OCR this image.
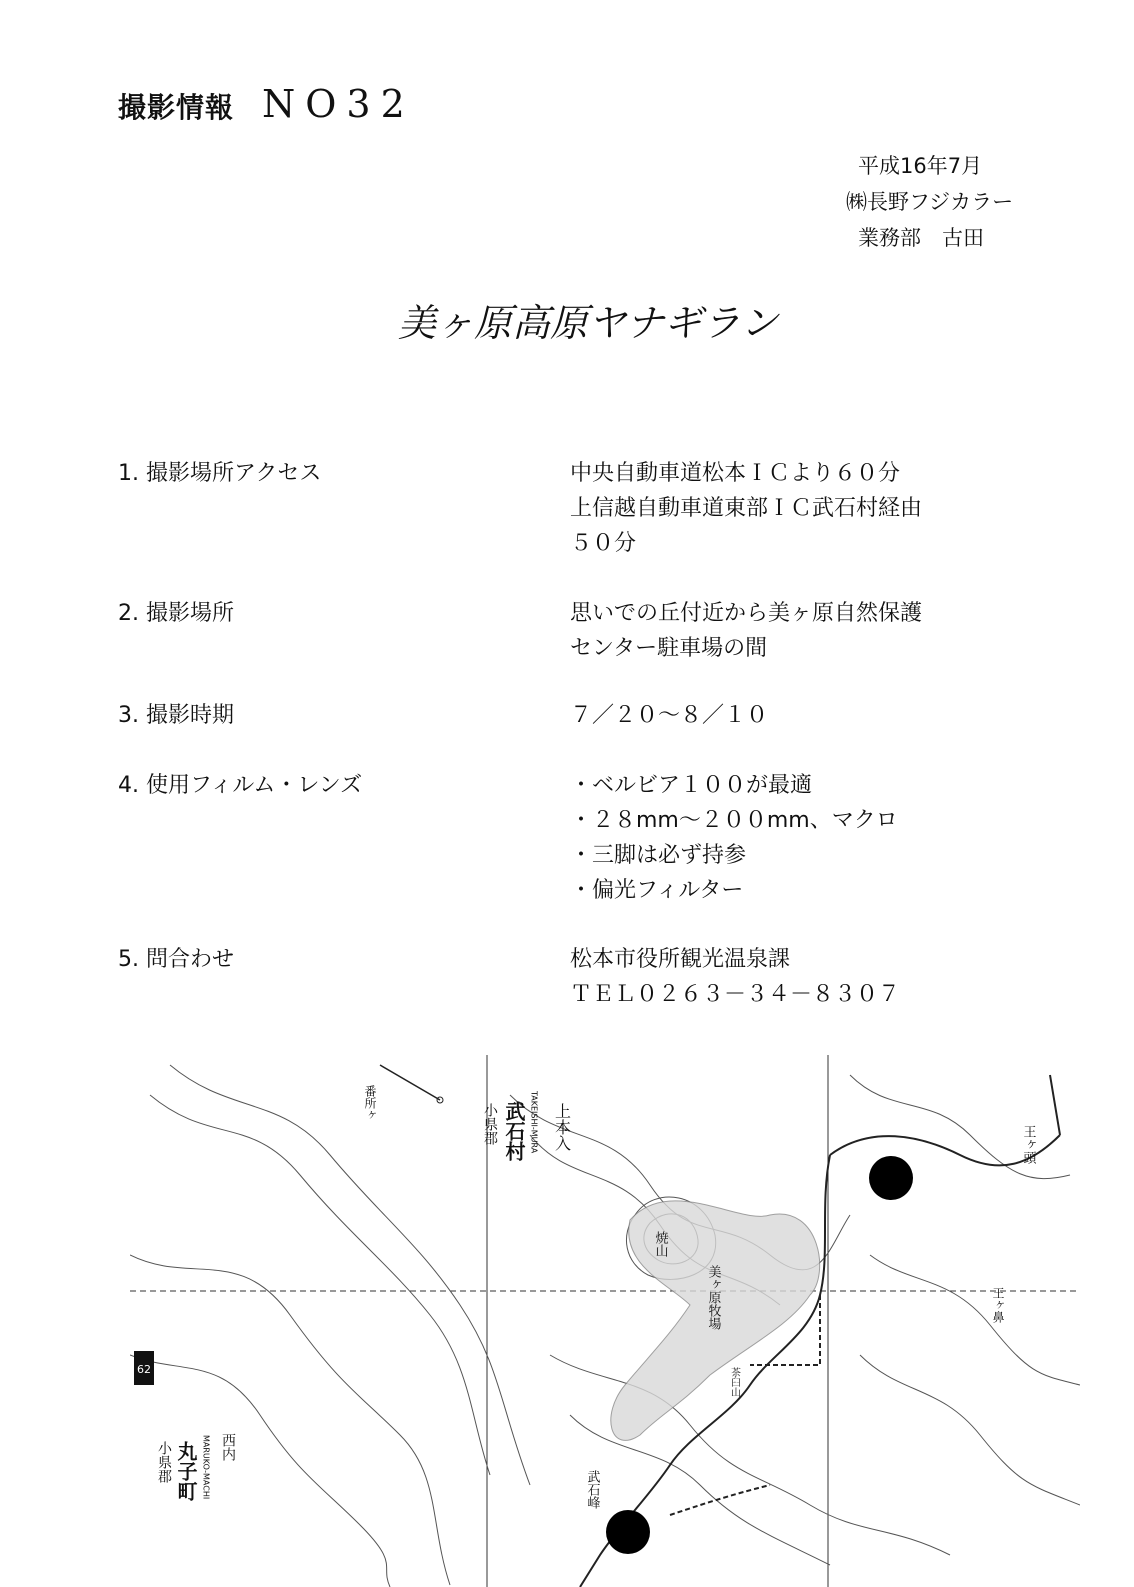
撮影情報 NO32
平成16年7月
㈱長野フジカラー
業務部　古田
美ヶ原高原ヤナギラン
1. 撮影場所アクセス	中央自動車道松本ＩＣより６０分
上信越自動車道東部ＩＣ武石村経由
５０分
2. 撮影場所	思いでの丘付近から美ヶ原自然保護
センター駐車場の間
3. 撮影時期	７／２０～８／１０
4. 使用フィルム・レンズ	・ベルビア１００が最適
・２８mm～２００mm、マクロ
・三脚は必ず持参
・偏光フィルター
5. 問合わせ	松本市役所観光温泉課
ＴＥＬ０２６３－３４－８３０７
小県郡 武石村 TAKEISHI-MURA 上本入
美ヶ原牧場
焼山
茶臼山
小県郡 丸子町 MARUKO-MACHI 西内
王ヶ鼻
王ヶ頭
武石峰
番所ヶ
62
